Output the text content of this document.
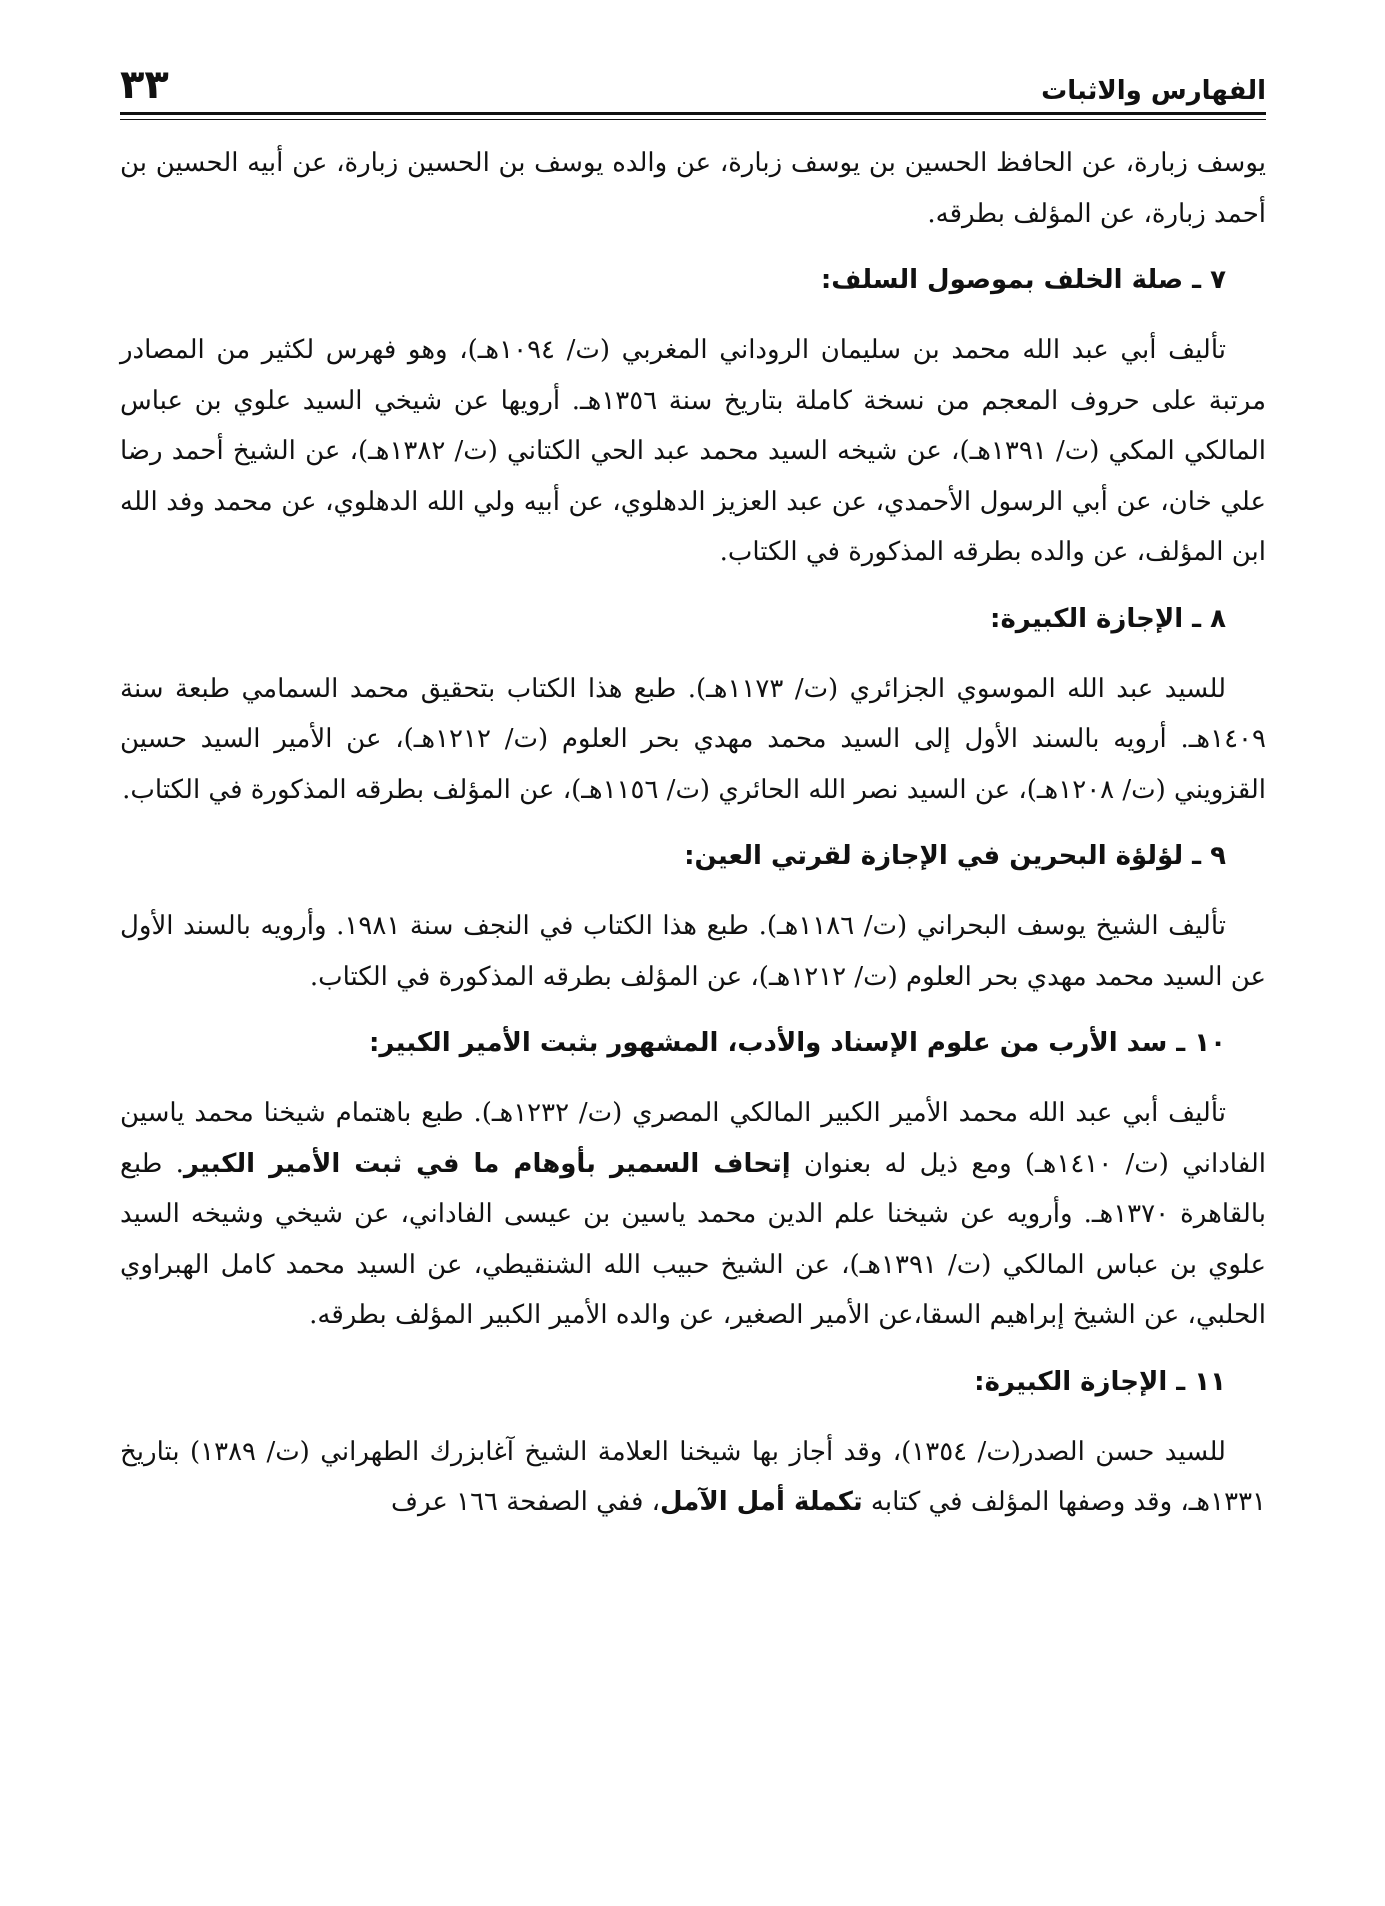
الفهارس والاثبات
٣٣

يوسف زبارة، عن الحافظ الحسين بن يوسف زبارة، عن والده يوسف بن الحسين زبارة، عن أبيه الحسين بن أحمد زبارة، عن المؤلف بطرقه.

٧ ـ صلة الخلف بموصول السلف:

تأليف أبي عبد الله محمد بن سليمان الروداني المغربي (ت/ ١٠٩٤هـ)، وهو فهرس لكثير من المصادر مرتبة على حروف المعجم من نسخة كاملة بتاريخ سنة ١٣٥٦هـ. أرويها عن شيخي السيد علوي بن عباس المالكي المكي (ت/ ١٣٩١هـ)، عن شيخه السيد محمد عبد الحي الكتاني (ت/ ١٣٨٢هـ)، عن الشيخ أحمد رضا علي خان، عن أبي الرسول الأحمدي، عن عبد العزيز الدهلوي، عن أبيه ولي الله الدهلوي، عن محمد وفد الله ابن المؤلف، عن والده بطرقه المذكورة في الكتاب.

٨ ـ الإجازة الكبيرة:

للسيد عبد الله الموسوي الجزائري (ت/ ١١٧٣هـ). طبع هذا الكتاب بتحقيق محمد السمامي طبعة سنة ١٤٠٩هـ. أرويه بالسند الأول إلى السيد محمد مهدي بحر العلوم (ت/ ١٢١٢هـ)، عن الأمير السيد حسين القزويني (ت/ ١٢٠٨هـ)، عن السيد نصر الله الحائري (ت/ ١١٥٦هـ)، عن المؤلف بطرقه المذكورة في الكتاب.

٩ ـ لؤلؤة البحرين في الإجازة لقرتي العين:

تأليف الشيخ يوسف البحراني (ت/ ١١٨٦هـ). طبع هذا الكتاب في النجف سنة ١٩٨١. وأرويه بالسند الأول عن السيد محمد مهدي بحر العلوم (ت/ ١٢١٢هـ)، عن المؤلف بطرقه المذكورة في الكتاب.

١٠ ـ سد الأرب من علوم الإسناد والأدب، المشهور بثبت الأمير الكبير:

تأليف أبي عبد الله محمد الأمير الكبير المالكي المصري (ت/ ١٢٣٢هـ). طبع باهتمام شيخنا محمد ياسين الفاداني (ت/ ١٤١٠هـ) ومع ذيل له بعنوان إتحاف السمير بأوهام ما في ثبت الأمير الكبير. طبع بالقاهرة ١٣٧٠هـ. وأرويه عن شيخنا علم الدين محمد ياسين بن عيسى الفاداني، عن شيخي وشيخه السيد علوي بن عباس المالكي (ت/ ١٣٩١هـ)، عن الشيخ حبيب الله الشنقيطي، عن السيد محمد كامل الهبراوي الحلبي، عن الشيخ إبراهيم السقا،عن الأمير الصغير، عن والده الأمير الكبير المؤلف بطرقه.

١١ ـ الإجازة الكبيرة:

للسيد حسن الصدر(ت/ ١٣٥٤)، وقد أجاز بها شيخنا العلامة الشيخ آغابزرك الطهراني (ت/ ١٣٨٩) بتاريخ ١٣٣١هـ، وقد وصفها المؤلف في كتابه تكملة أمل الآمل، ففي الصفحة ١٦٦ عرف
